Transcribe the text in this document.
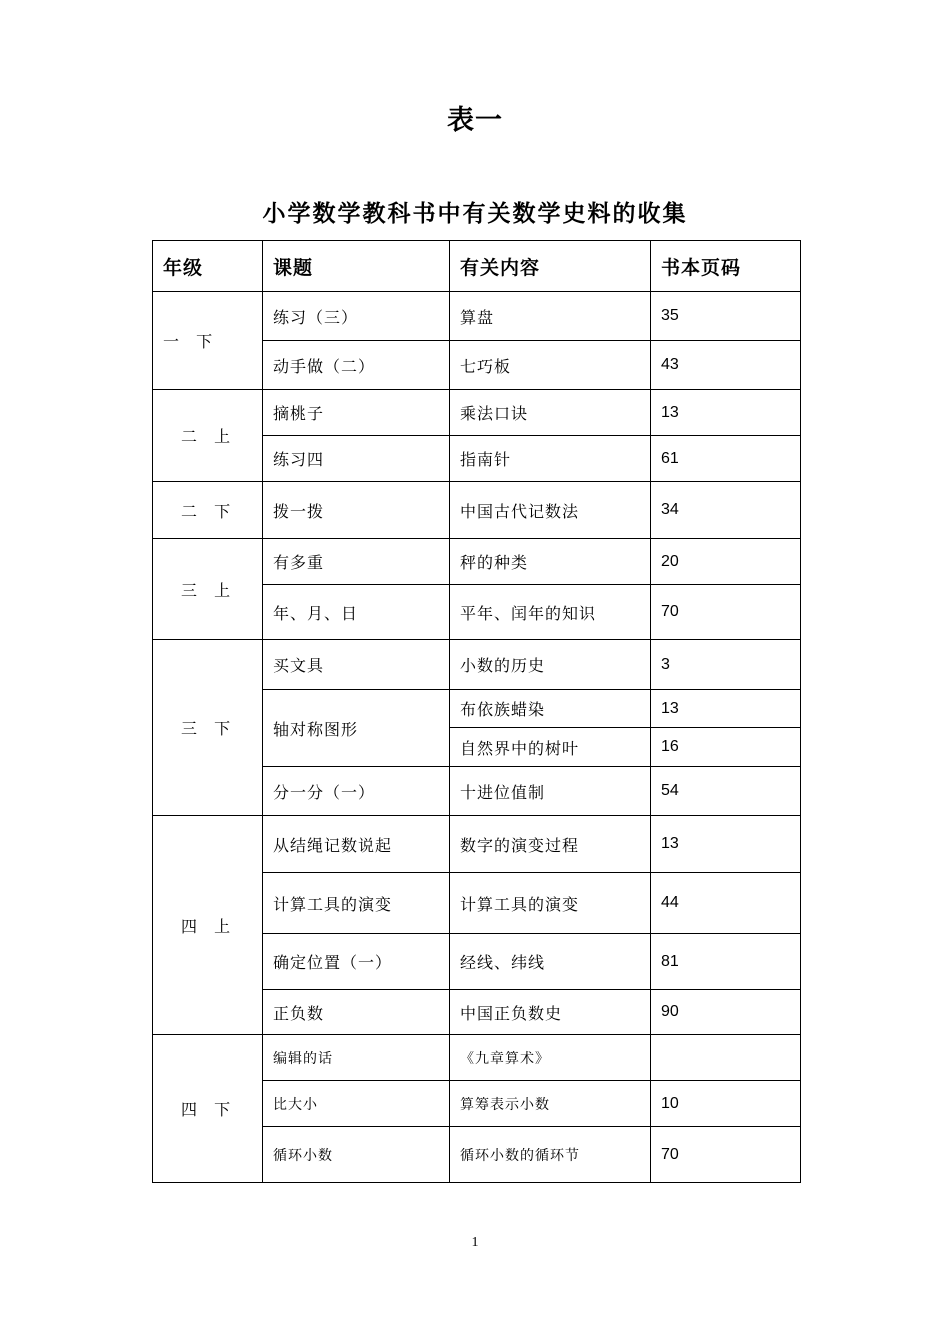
表一
小学数学教科书中有关数学史料的收集
年级	课题	有关内容	书本页码
一 下	练习（三）	算盘	35
	动手做（二）	七巧板	43
二 上	摘桃子	乘法口诀	13
	练习四	指南针	61
二 下	拨一拨	中国古代记数法	34
三 上	有多重	秤的种类	20
	年、月、日	平年、闰年的知识	70
三 下	买文具	小数的历史	3
	轴对称图形	布依族蜡染	13
		自然界中的树叶	16
	分一分（一）	十进位值制	54
四 上	从结绳记数说起	数字的演变过程	13
	计算工具的演变	计算工具的演变	44
	确定位置（一）	经线、纬线	81
	正负数	中国正负数史	90
四 下	编辑的话	《九章算术》	
	比大小	算筹表示小数	10
	循环小数	循环小数的循环节	70
1
